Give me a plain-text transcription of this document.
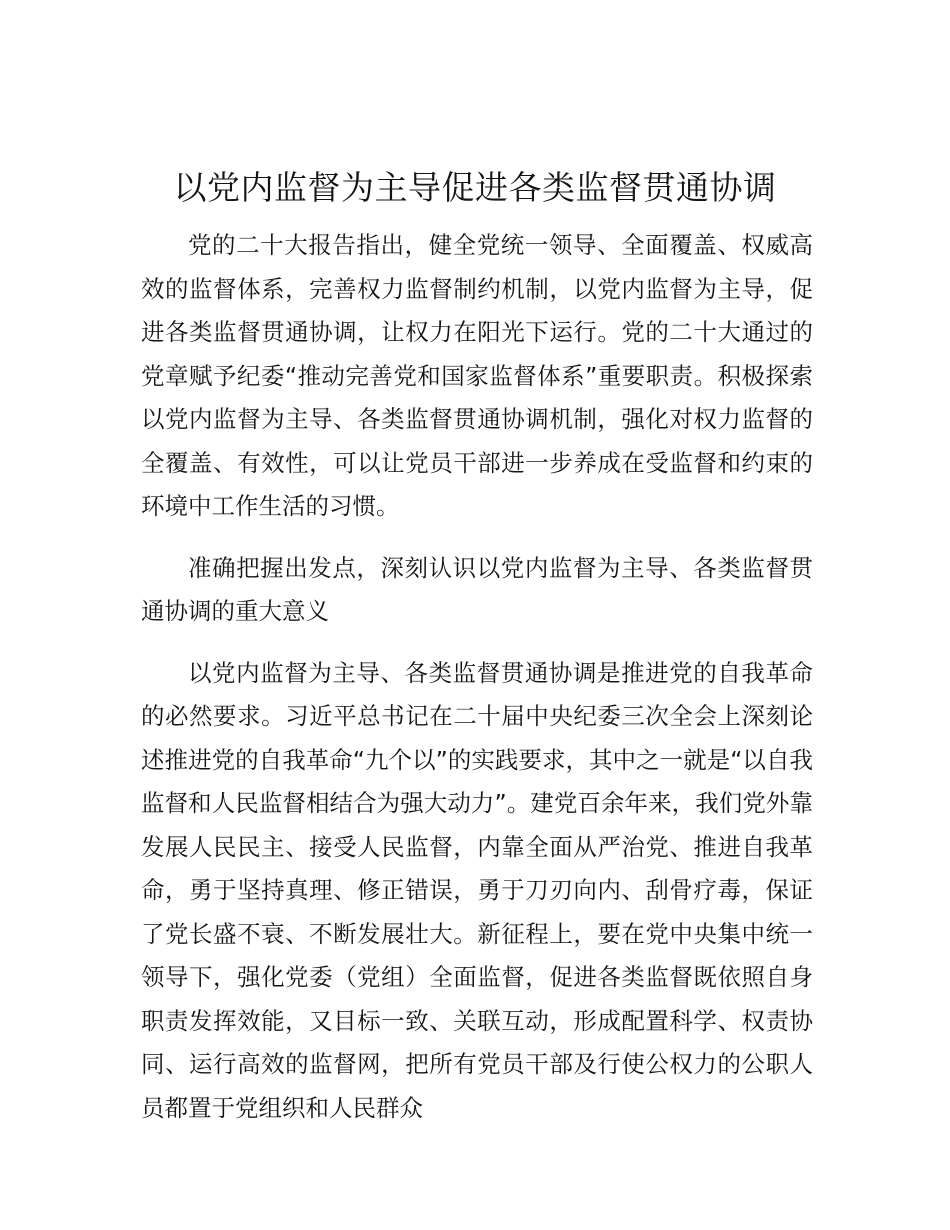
以党内监督为主导促进各类监督贯通协调

党的二十大报告指出，健全党统一领导、全面覆盖、权威高效的监督体系，完善权力监督制约机制，以党内监督为主导，促进各类监督贯通协调，让权力在阳光下运行。党的二十大通过的党章赋予纪委“推动完善党和国家监督体系”重要职责。积极探索以党内监督为主导、各类监督贯通协调机制，强化对权力监督的全覆盖、有效性，可以让党员干部进一步养成在受监督和约束的环境中工作生活的习惯。

准确把握出发点，深刻认识以党内监督为主导、各类监督贯通协调的重大意义

以党内监督为主导、各类监督贯通协调是推进党的自我革命的必然要求。习近平总书记在二十届中央纪委三次全会上深刻论述推进党的自我革命“九个以”的实践要求，其中之一就是“以自我监督和人民监督相结合为强大动力”。建党百余年来，我们党外靠发展人民民主、接受人民监督，内靠全面从严治党、推进自我革命，勇于坚持真理、修正错误，勇于刀刃向内、刮骨疗毒，保证了党长盛不衰、不断发展壮大。新征程上，要在党中央集中统一领导下，强化党委（党组）全面监督，促进各类监督既依照自身职责发挥效能，又目标一致、关联互动，形成配置科学、权责协同、运行高效的监督网，把所有党员干部及行使公权力的公职人员都置于党组织和人民群众
